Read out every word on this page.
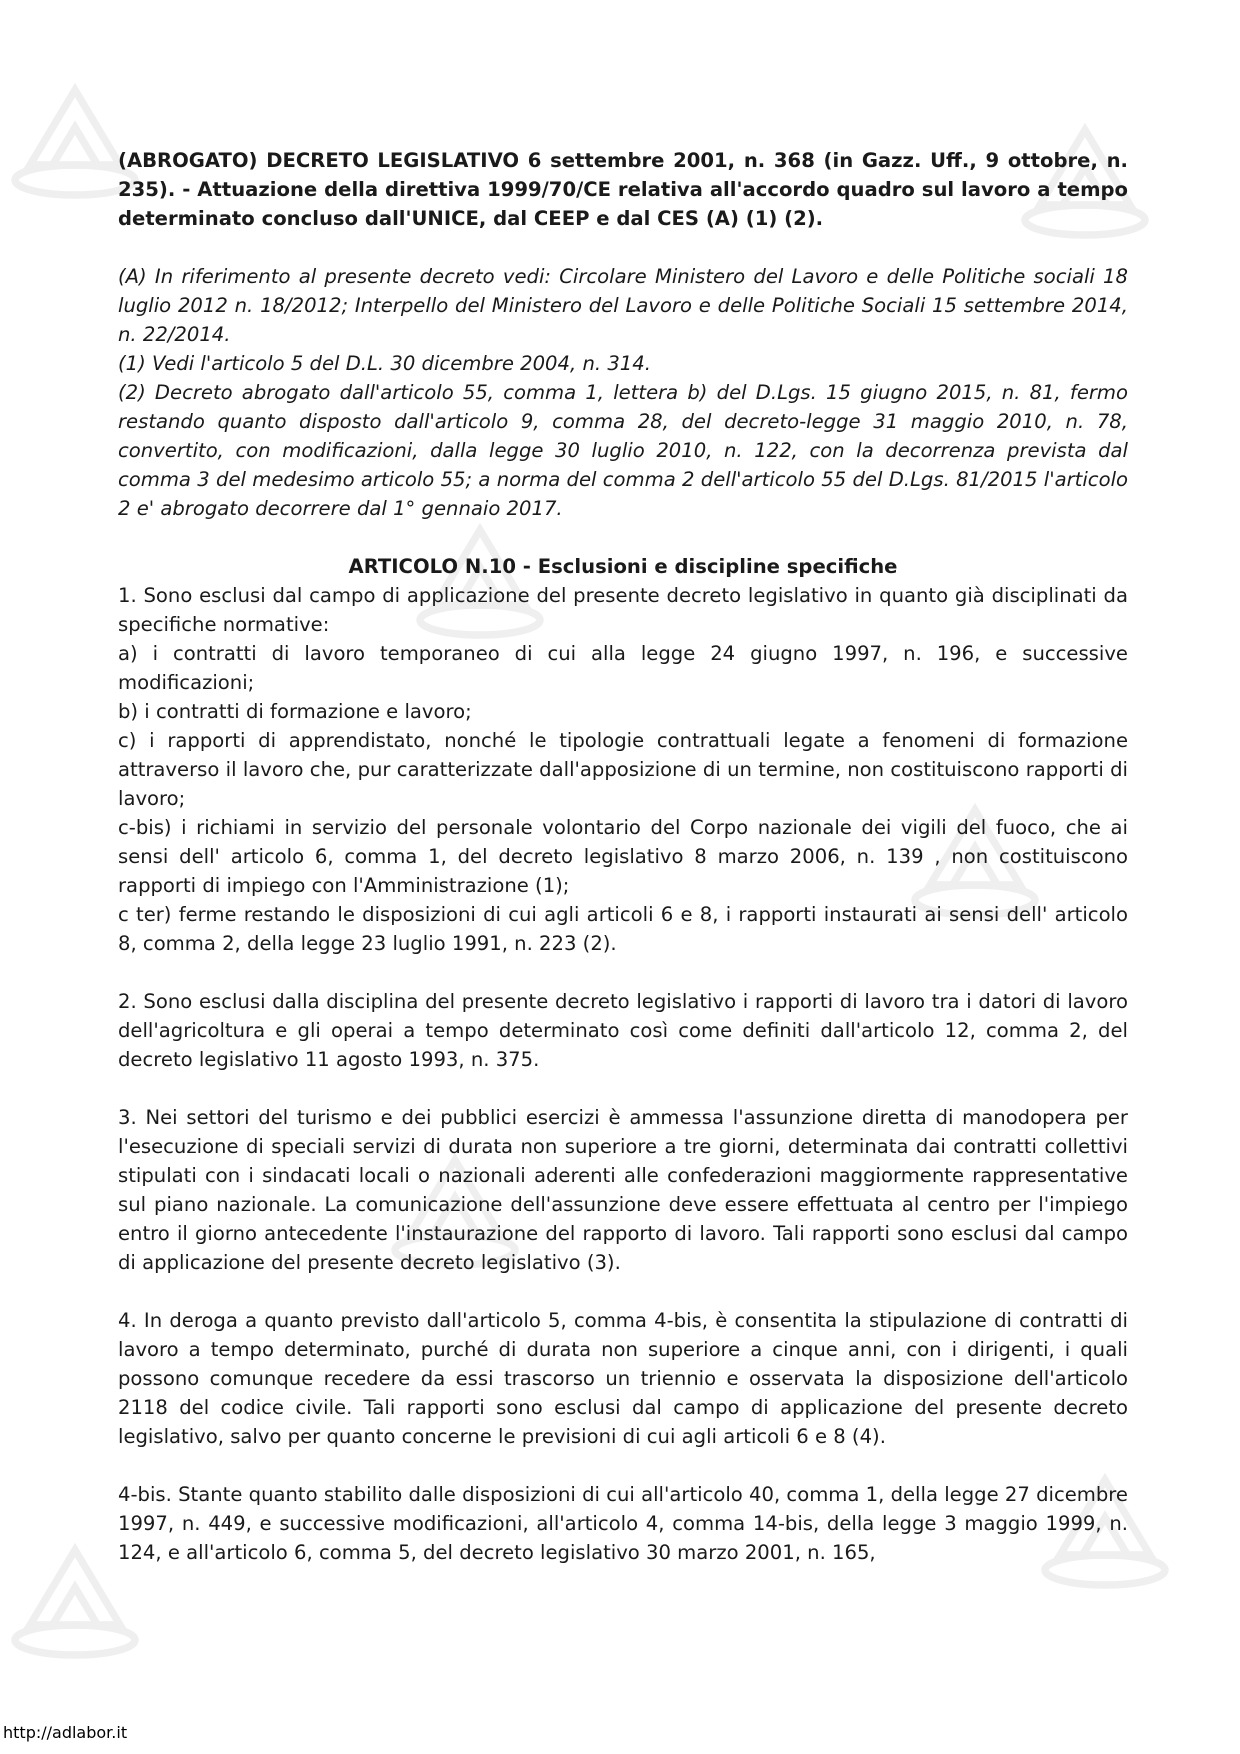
(ABROGATO) DECRETO LEGISLATIVO 6 settembre 2001, n. 368 (in Gazz. Uff., 9 ottobre, n. 235). - Attuazione della direttiva 1999/70/CE relativa all'accordo quadro sul lavoro a tempo determinato concluso dall'UNICE, dal CEEP e dal CES (A) (1) (2).

(A) In riferimento al presente decreto vedi: Circolare Ministero del Lavoro e delle Politiche sociali 18 luglio 2012 n. 18/2012; Interpello del Ministero del Lavoro e delle Politiche Sociali 15 settembre 2014, n. 22/2014.

(1) Vedi l'articolo 5 del D.L. 30 dicembre 2004, n. 314.

(2) Decreto abrogato dall'articolo 55, comma 1, lettera b) del D.Lgs. 15 giugno 2015, n. 81, fermo restando quanto disposto dall'articolo 9, comma 28, del decreto-legge 31 maggio 2010, n. 78, convertito, con modificazioni, dalla legge 30 luglio 2010, n. 122, con la decorrenza prevista dal comma 3 del medesimo articolo 55; a norma del comma 2 dell'articolo 55 del D.Lgs. 81/2015 l'articolo 2 e' abrogato decorrere dal 1° gennaio 2017.

ARTICOLO N.10 - Esclusioni e discipline specifiche

1. Sono esclusi dal campo di applicazione del presente decreto legislativo in quanto già disciplinati da specifiche normative:

a) i contratti di lavoro temporaneo di cui alla legge 24 giugno 1997, n. 196, e successive modificazioni;

b) i contratti di formazione e lavoro;

c) i rapporti di apprendistato, nonché le tipologie contrattuali legate a fenomeni di formazione attraverso il lavoro che, pur caratterizzate dall'apposizione di un termine, non costituiscono rapporti di lavoro;

c-bis) i richiami in servizio del personale volontario del Corpo nazionale dei vigili del fuoco, che ai sensi dell' articolo 6, comma 1, del decreto legislativo 8 marzo 2006, n. 139 , non costituiscono rapporti di impiego con l'Amministrazione (1);

c ter) ferme restando le disposizioni di cui agli articoli 6 e 8, i rapporti instaurati ai sensi dell' articolo 8, comma 2, della legge 23 luglio 1991, n. 223 (2).

2. Sono esclusi dalla disciplina del presente decreto legislativo i rapporti di lavoro tra i datori di lavoro dell'agricoltura e gli operai a tempo determinato così come definiti dall'articolo 12, comma 2, del decreto legislativo 11 agosto 1993, n. 375.

3. Nei settori del turismo e dei pubblici esercizi è ammessa l'assunzione diretta di manodopera per l'esecuzione di speciali servizi di durata non superiore a tre giorni, determinata dai contratti collettivi stipulati con i sindacati locali o nazionali aderenti alle confederazioni maggiormente rappresentative sul piano nazionale. La comunicazione dell'assunzione deve essere effettuata al centro per l'impiego entro il giorno antecedente l'instaurazione del rapporto di lavoro. Tali rapporti sono esclusi dal campo di applicazione del presente decreto legislativo (3).

4. In deroga a quanto previsto dall'articolo 5, comma 4-bis, è consentita la stipulazione di contratti di lavoro a tempo determinato, purché di durata non superiore a cinque anni, con i dirigenti, i quali possono comunque recedere da essi trascorso un triennio e osservata la disposizione dell'articolo 2118 del codice civile. Tali rapporti sono esclusi dal campo di applicazione del presente decreto legislativo, salvo per quanto concerne le previsioni di cui agli articoli 6 e 8 (4).

4-bis. Stante quanto stabilito dalle disposizioni di cui all'articolo 40, comma 1, della legge 27 dicembre 1997, n. 449, e successive modificazioni, all'articolo 4, comma 14-bis, della legge 3 maggio 1999, n. 124, e all'articolo 6, comma 5, del decreto legislativo 30 marzo 2001, n. 165,

http://adlabor.it
